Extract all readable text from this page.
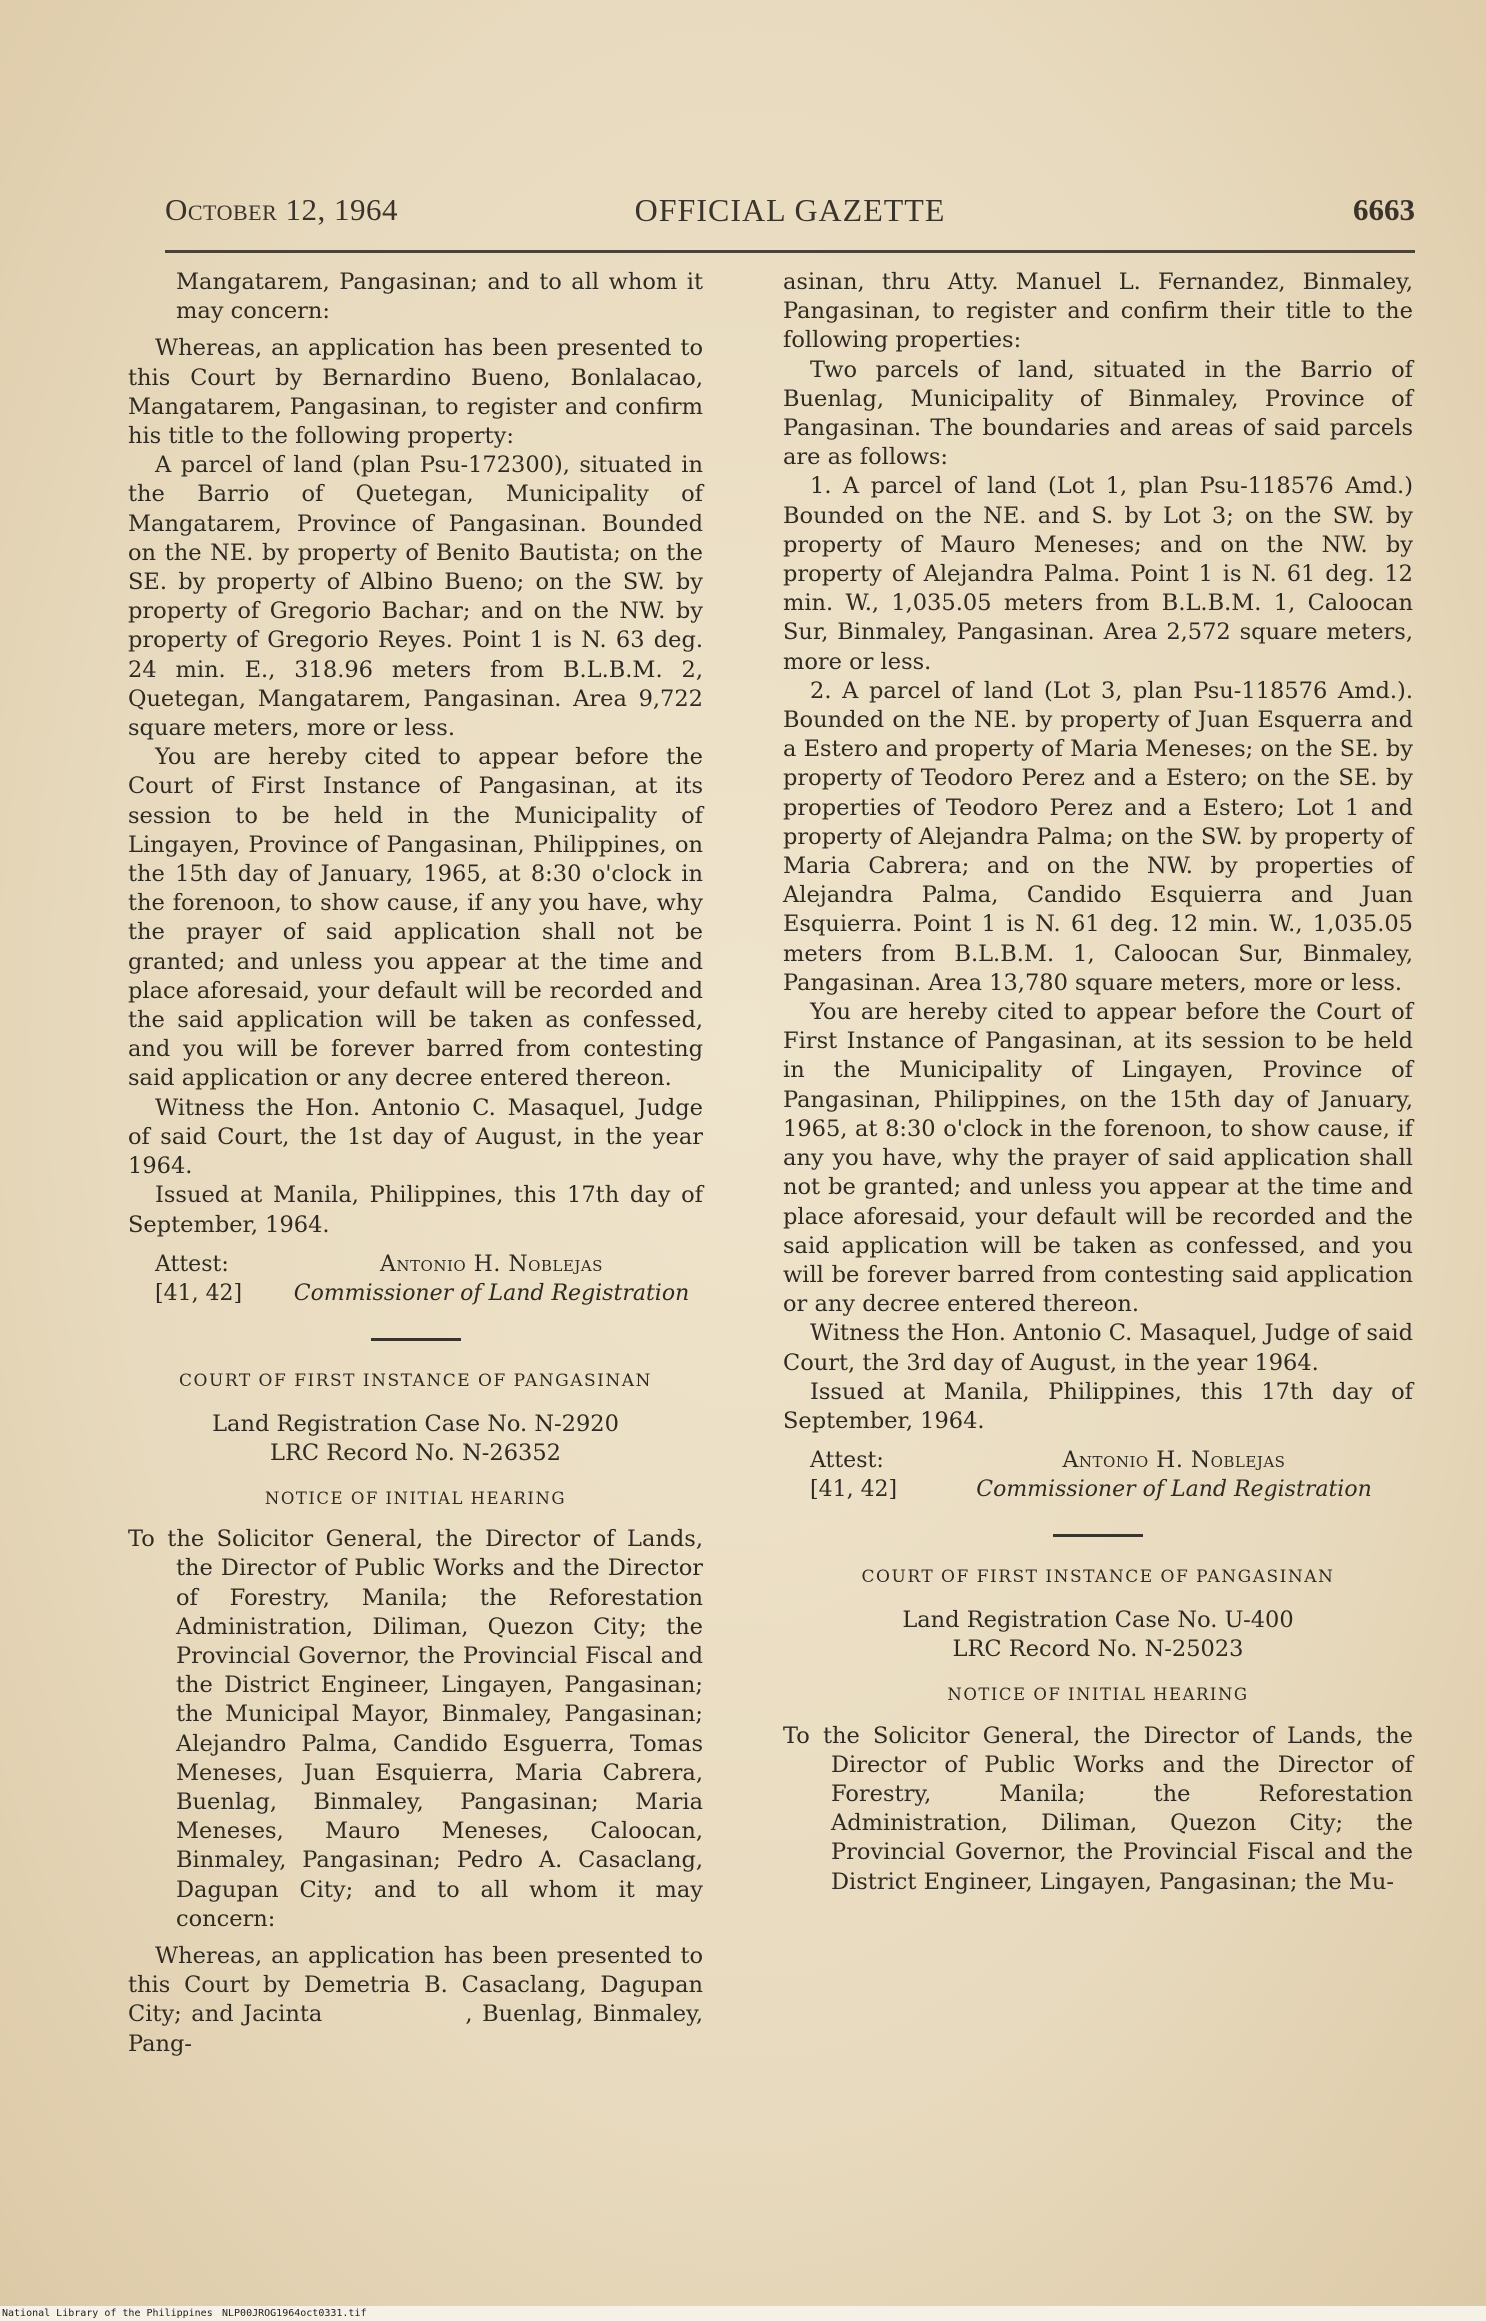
October 12, 1964	OFFICIAL GAZETTE	6663

Mangatarem, Pangasinan; and to all whom it may concern:

Whereas, an application has been presented to this Court by Bernardino Bueno, Bonlalacao, Mangatarem, Pangasinan, to register and confirm his title to the following property:

A parcel of land (plan Psu-172300), situated in the Barrio of Quetegan, Municipality of Mangatarem, Province of Pangasinan. Bounded on the NE. by property of Benito Bautista; on the SE. by property of Albino Bueno; on the SW. by property of Gregorio Bachar; and on the NW. by property of Gregorio Reyes. Point 1 is N. 63 deg. 24 min. E., 318.96 meters from B.L.B.M. 2, Quetegan, Mangatarem, Pangasinan. Area 9,722 square meters, more or less.

You are hereby cited to appear before the Court of First Instance of Pangasinan, at its session to be held in the Municipality of Lingayen, Province of Pangasinan, Philippines, on the 15th day of January, 1965, at 8:30 o'clock in the forenoon, to show cause, if any you have, why the prayer of said application shall not be granted; and unless you appear at the time and place aforesaid, your default will be recorded and the said application will be taken as confessed, and you will be forever barred from contesting said application or any decree entered thereon.

Witness the Hon. Antonio C. Masaquel, Judge of said Court, the 1st day of August, in the year 1964.

Issued at Manila, Philippines, this 17th day of September, 1964.

Attest:
[41, 42]
Antonio H. Noblejas
Commissioner of Land Registration
COURT OF FIRST INSTANCE OF PANGASINAN
Land Registration Case No. N-2920
LRC Record No. N-26352
NOTICE OF INITIAL HEARING

To the Solicitor General, the Director of Lands, the Director of Public Works and the Director of Forestry, Manila; the Reforestation Administration, Diliman, Quezon City; the Provincial Governor, the Provincial Fiscal and the District Engineer, Lingayen, Pangasinan; the Municipal Mayor, Binmaley, Pangasinan; Alejandro Palma, Candido Esguerra, Tomas Meneses, Juan Esquierra, Maria Cabrera, Buenlag, Binmaley, Pangasinan; Maria Meneses, Mauro Meneses, Caloocan, Binmaley, Pangasinan; Pedro A. Casaclang, Dagupan City; and to all whom it may concern:

Whereas, an application has been presented to this Court by Demetria B. Casaclang, Dagupan City; and Jacinta               , Buenlag, Binmaley, Pang-

asinan, thru Atty. Manuel L. Fernandez, Binmaley, Pangasinan, to register and confirm their title to the following properties:

Two parcels of land, situated in the Barrio of Buenlag, Municipality of Binmaley, Province of Pangasinan. The boundaries and areas of said parcels are as follows:

1. A parcel of land (Lot 1, plan Psu-118576 Amd.) Bounded on the NE. and S. by Lot 3; on the SW. by property of Mauro Meneses; and on the NW. by property of Alejandra Palma. Point 1 is N. 61 deg. 12 min. W., 1,035.05 meters from B.L.B.M. 1, Caloocan Sur, Binmaley, Pangasinan. Area 2,572 square meters, more or less.

2. A parcel of land (Lot 3, plan Psu-118576 Amd.). Bounded on the NE. by property of Juan Esquerra and a Estero and property of Maria Meneses; on the SE. by property of Teodoro Perez and a Estero; on the SE. by properties of Teodoro Perez and a Estero; Lot 1 and property of Alejandra Palma; on the SW. by property of Maria Cabrera; and on the NW. by properties of Alejandra Palma, Candido Esquierra and Juan Esquierra. Point 1 is N. 61 deg. 12 min. W., 1,035.05 meters from B.L.B.M. 1, Caloocan Sur, Binmaley, Pangasinan. Area 13,780 square meters, more or less.

You are hereby cited to appear before the Court of First Instance of Pangasinan, at its session to be held in the Municipality of Lingayen, Province of Pangasinan, Philippines, on the 15th day of January, 1965, at 8:30 o'clock in the forenoon, to show cause, if any you have, why the prayer of said application shall not be granted; and unless you appear at the time and place aforesaid, your default will be recorded and the said application will be taken as confessed, and you will be forever barred from contesting said application or any decree entered thereon.

Witness the Hon. Antonio C. Masaquel, Judge of said Court, the 3rd day of August, in the year 1964.

Issued at Manila, Philippines, this 17th day of September, 1964.

Attest:
[41, 42]
Antonio H. Noblejas
Commissioner of Land Registration
COURT OF FIRST INSTANCE OF PANGASINAN
Land Registration Case No. U-400
LRC Record No. N-25023
NOTICE OF INITIAL HEARING

To the Solicitor General, the Director of Lands, the Director of Public Works and the Director of Forestry, Manila; the Reforestation Administration, Diliman, Quezon City; the Provincial Governor, the Provincial Fiscal and the District Engineer, Lingayen, Pangasinan; the Mu-

National Library of the Philippines NLP00JROG1964oct0331.tif
